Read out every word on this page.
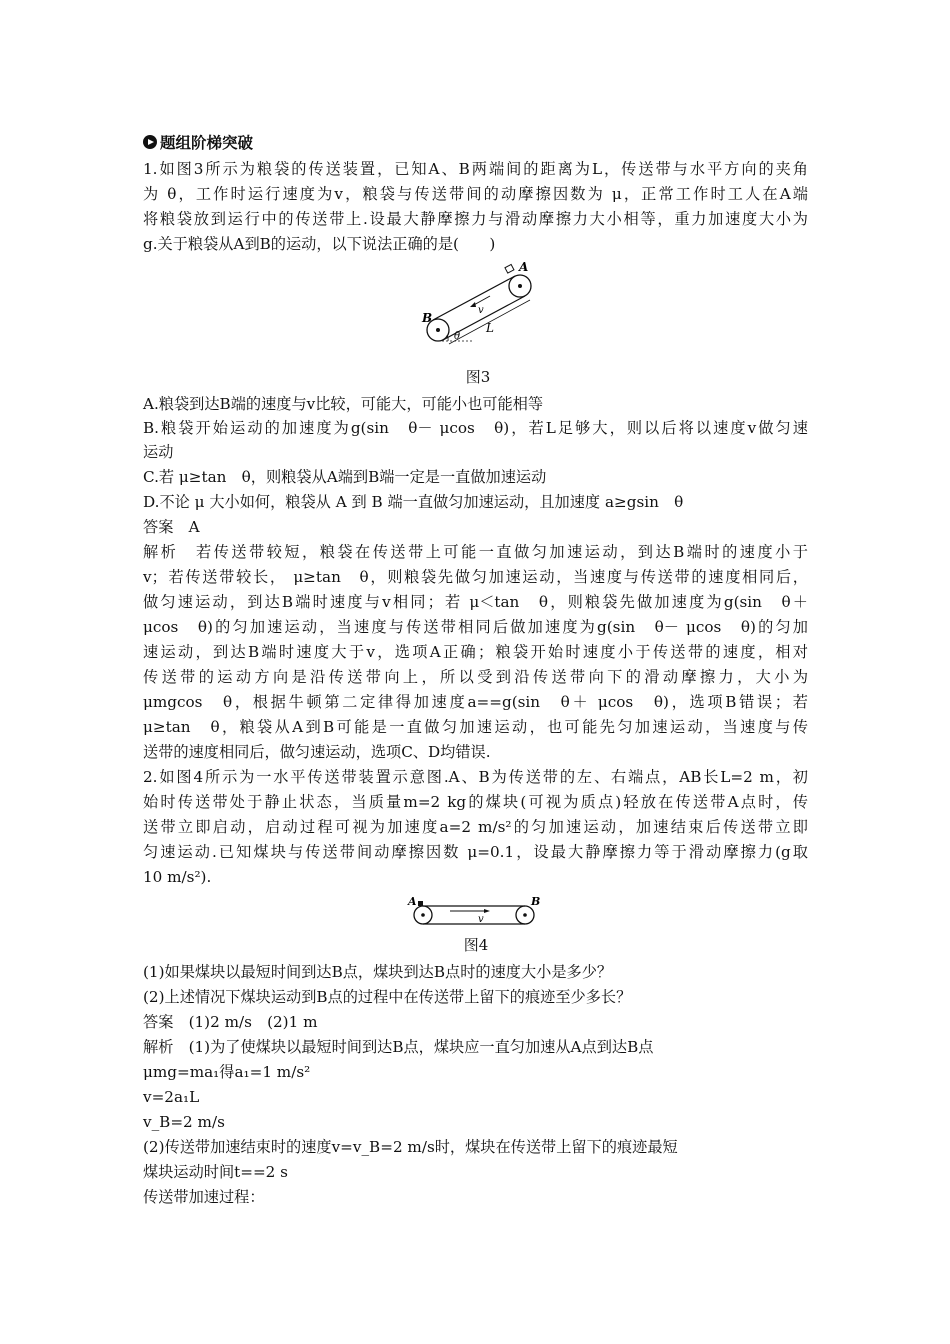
题组阶梯突破
1.如图3所示为粮袋的传送装置，已知A、B两端间的距离为L，传送带与水平方向的夹角
为 θ，工作时运行速度为v，粮袋与传送带间的动摩擦因数为 μ，正常工作时工人在A端
将粮袋放到运行中的传送带上.设最大静摩擦力与滑动摩擦力大小相等，重力加速度大小为
g.关于粮袋从A到B的运动，以下说法正确的是(　　)
v
L
θ
B
A
图3
A.粮袋到达B端的速度与v比较，可能大，可能小也可能相等
B.粮袋开始运动的加速度为g(sin　θ－ μcos　θ)，若L足够大，则以后将以速度v做匀速
运动
C.若 μ≥tan　θ，则粮袋从A端到B端一定是一直做加速运动
D.不论 μ 大小如何，粮袋从 A 到 B 端一直做匀加速运动，且加速度 a≥gsin　θ
答案　A
解析　若传送带较短，粮袋在传送带上可能一直做匀加速运动，到达B端时的速度小于
v；若传送带较长， μ≥tan　θ，则粮袋先做匀加速运动，当速度与传送带的速度相同后，
做匀速运动，到达B端时速度与v相同；若 μ＜tan　θ，则粮袋先做加速度为g(sin　θ＋
μcos　θ)的匀加速运动，当速度与传送带相同后做加速度为g(sin　θ－ μcos　θ)的匀加
速运动，到达B端时速度大于v，选项A正确；粮袋开始时速度小于传送带的速度，相对
传送带的运动方向是沿传送带向上，所以受到沿传送带向下的滑动摩擦力，大小为
μmgcos　θ，根据牛顿第二定律得加速度a==g(sin　θ＋ μcos　θ)，选项B错误；若
μ≥tan　θ，粮袋从A到B可能是一直做匀加速运动，也可能先匀加速运动，当速度与传
送带的速度相同后，做匀速运动，选项C、D均错误.
2.如图4所示为一水平传送带装置示意图.A、B为传送带的左、右端点，AB长L=2 m，初
始时传送带处于静止状态，当质量m=2 kg的煤块(可视为质点)轻放在传送带A点时，传
送带立即启动，启动过程可视为加速度a=2 m/s²的匀加速运动，加速结束后传送带立即
匀速运动.已知煤块与传送带间动摩擦因数 μ=0.1，设最大静摩擦力等于滑动摩擦力(g取
10 m/s²).
v
A	B
图4
(1)如果煤块以最短时间到达B点，煤块到达B点时的速度大小是多少？
(2)上述情况下煤块运动到B点的过程中在传送带上留下的痕迹至少多长？
答案　(1)2 m/s　(2)1 m
解析　(1)为了使煤块以最短时间到达B点，煤块应一直匀加速从A点到达B点
μmg=ma₁得a₁=1 m/s²
v=2a₁L
v_B=2 m/s
(2)传送带加速结束时的速度v=v_B=2 m/s时，煤块在传送带上留下的痕迹最短
煤块运动时间t==2 s
传送带加速过程：
